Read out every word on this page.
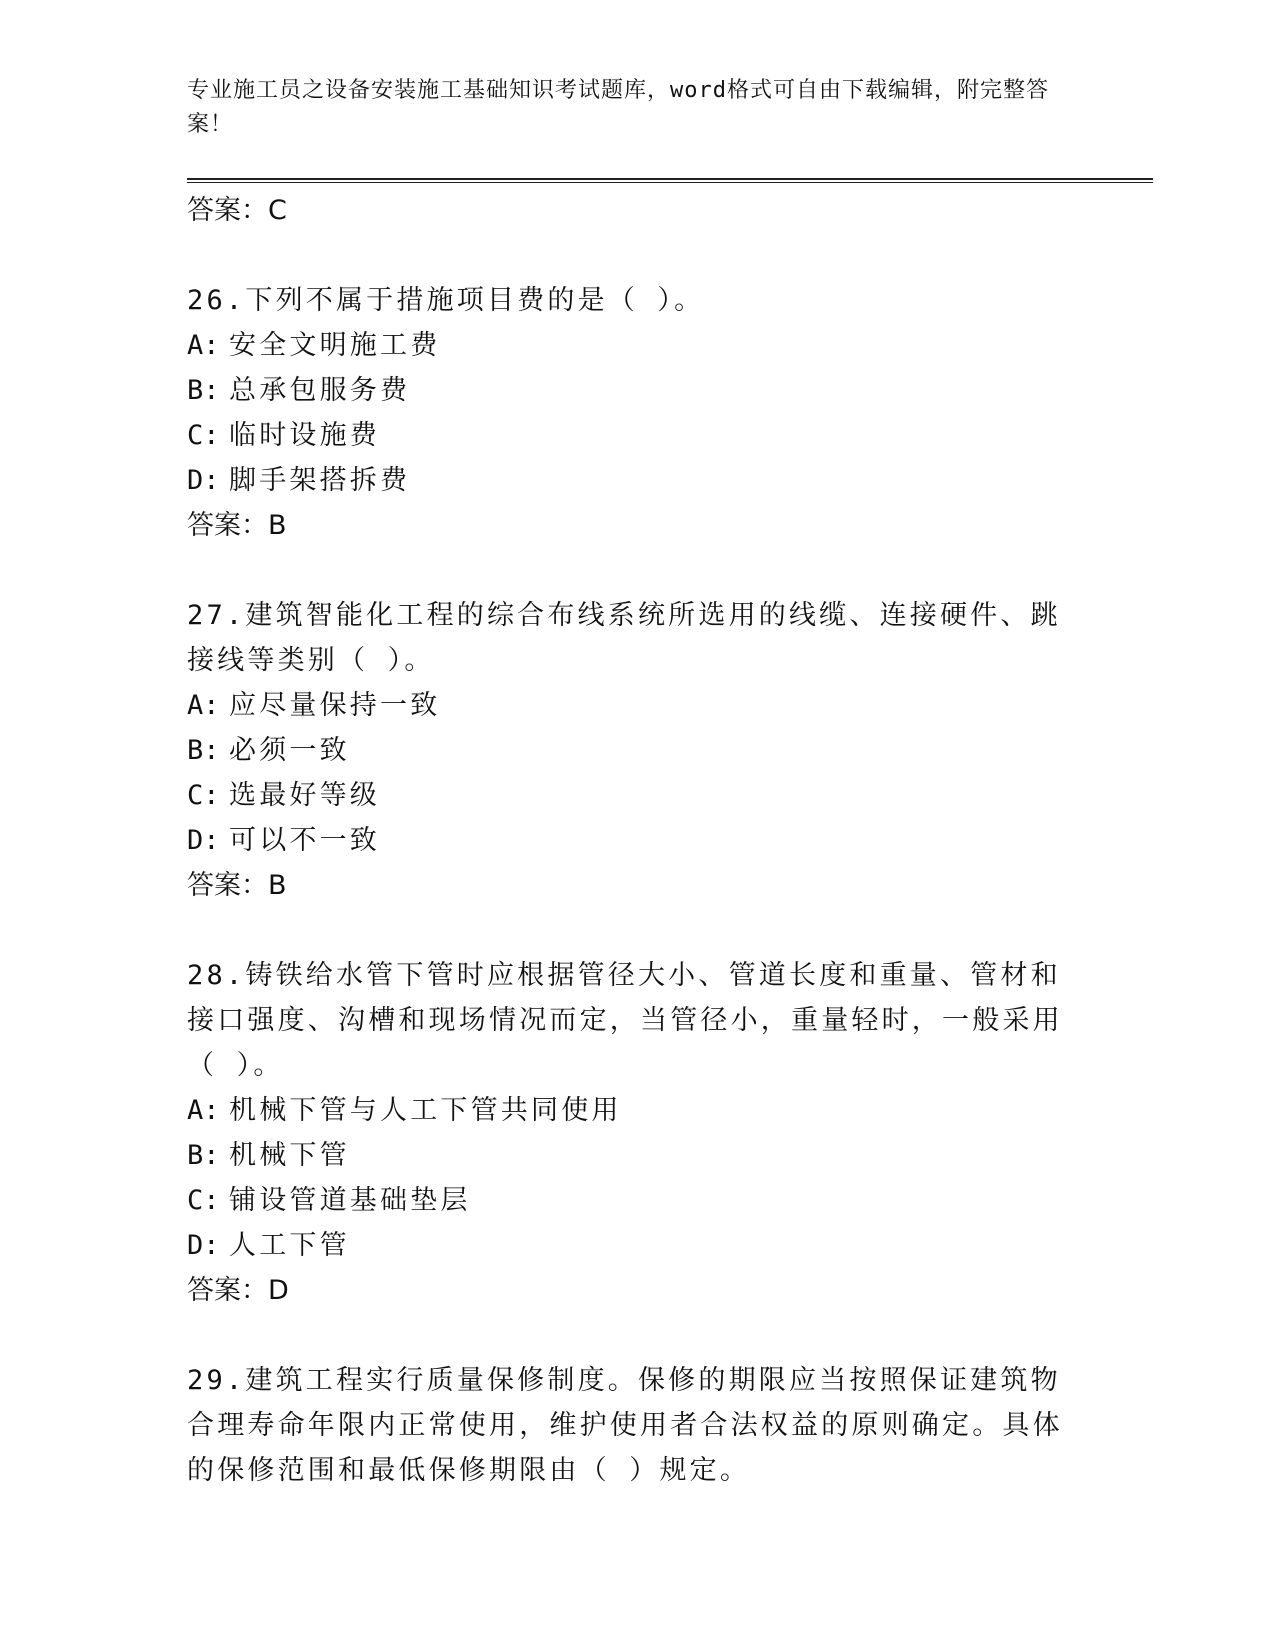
专业施工员之设备安装施工基础知识考试题库，word格式可自由下载编辑，附完整答案！

答案：C

26.下列不属于措施项目费的是（ ）。

A: 安全文明施工费
B: 总承包服务费
C: 临时设施费
D: 脚手架搭拆费

答案：B

27.建筑智能化工程的综合布线系统所选用的线缆、连接硬件、跳接线等类别（ ）。

A: 应尽量保持一致
B: 必须一致
C: 选最好等级
D: 可以不一致

答案：B

28.铸铁给水管下管时应根据管径大小、管道长度和重量、管材和接口强度、沟槽和现场情况而定，当管径小，重量轻时，一般采用（ ）。

A: 机械下管与人工下管共同使用
B: 机械下管
C: 铺设管道基础垫层
D: 人工下管

答案：D

29.建筑工程实行质量保修制度。保修的期限应当按照保证建筑物合理寿命年限内正常使用，维护使用者合法权益的原则确定。具体的保修范围和最低保修期限由（ ）规定。
